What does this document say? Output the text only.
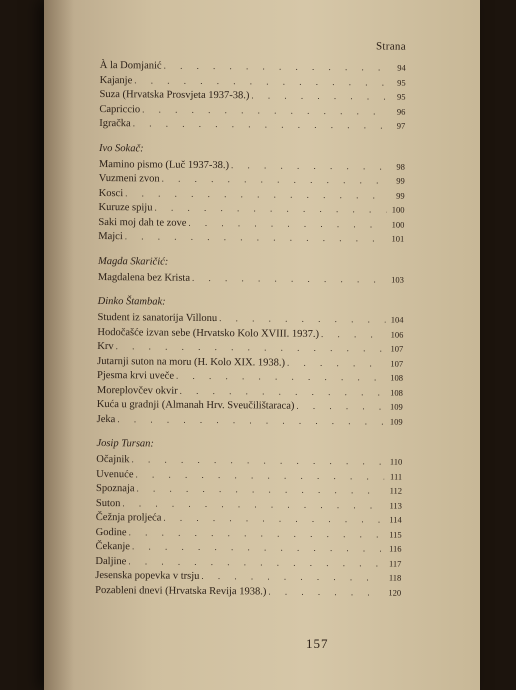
Strana
À la Domjanić . . .	94
Kajanje . . .	95
Suza (Hrvatska Prosvjeta 1937-38.) . . .	95
Capriccio . . .	96
Igračka . . .	97
Ivo Sokač:
Mamino pismo (Luč 1937-38.) . . .	98
Vuzmeni zvon . . .	99
Kosci . . .	99
Kuruze spiju . . .	100
Saki moj dah te zove . . .	100
Majci . . .	101
Magda Skaričić:
Magdalena bez Krista . . .	103
Dinko Štambak:
Student iz sanatorija Villonu . . .	104
Hodočašće izvan sebe (Hrvatsko Kolo XVIII. 1937.) . . .	106
Krv . . .	107
Jutarnji suton na moru (H. Kolo XIX. 1938.) . . .	107
Pjesma krvi uveče . . .	108
Moreplovčev okvir . . .	108
Kuća u gradnji (Almanah Hrv. Sveučilištaraca) . . .	109
Jeka . . .	109
Josip Tursan:
Očajnik . . .	110
Uvenuće . . .	111
Spoznaja . . .	112
Suton . . .	113
Čežnja proljeća . . .	114
Godine . . .	115
Čekanje . . .	116
Daljine . . .	117
Jesenska popevka v trsju . . .	118
Pozableni dnevi (Hrvatska Revija 1938.) . . .	120
157
